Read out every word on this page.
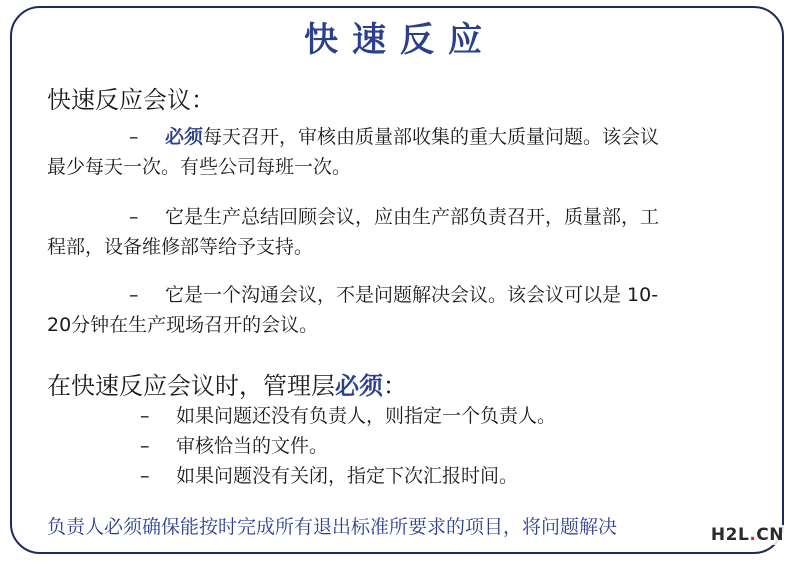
快速反应
快速反应会议：
– 必须每天召开，审核由质量部收集的重大质量问题。该会议
最少每天一次。有些公司每班一次。
– 它是生产总结回顾会议，应由生产部负责召开，质量部，工
程部，设备维修部等给予支持。
– 它是一个沟通会议，不是问题解决会议。该会议可以是 10-
20分钟在生产现场召开的会议。
在快速反应会议时，管理层必须：
– 如果问题还没有负责人，则指定一个负责人。
– 审核恰当的文件。
– 如果问题没有关闭，指定下次汇报时间。
负责人必须确保能按时完成所有退出标准所要求的项目，将问题解决	H2L.CN
